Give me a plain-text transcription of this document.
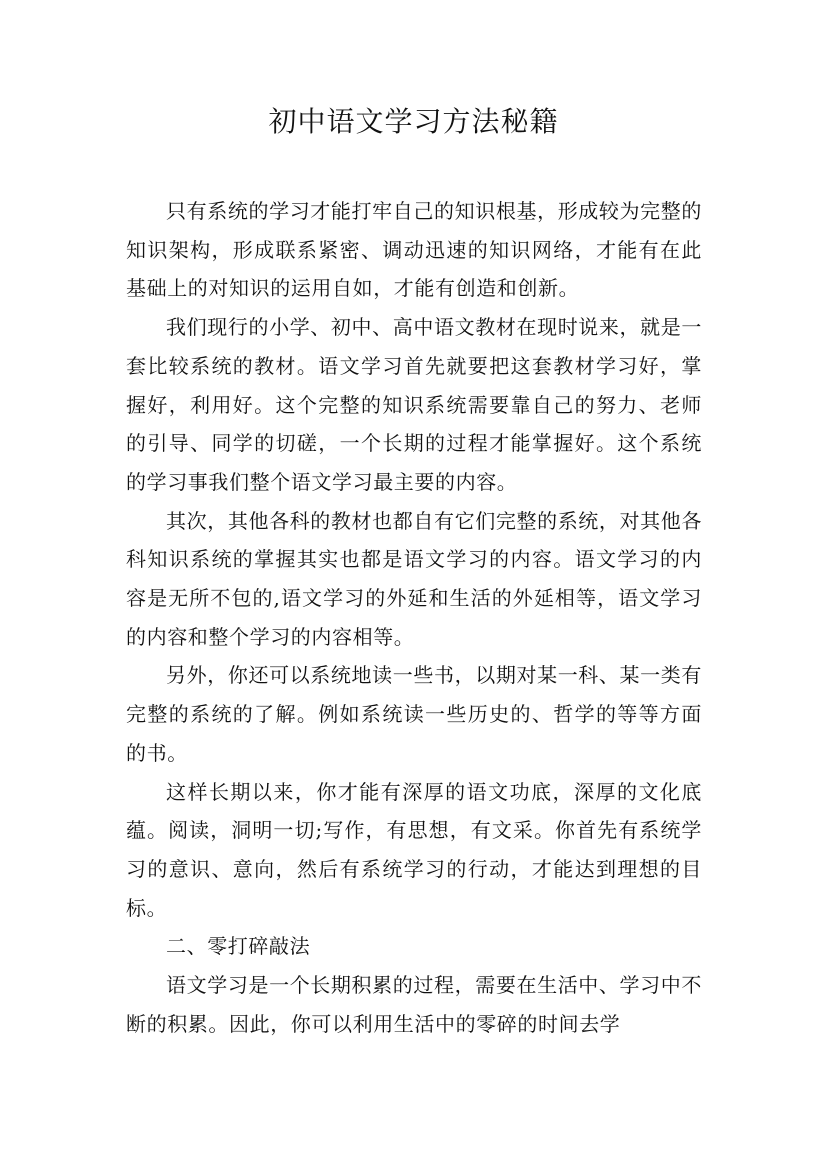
初中语文学习方法秘籍

只有系统的学习才能打牢自己的知识根基，形成较为完整的知识架构，形成联系紧密、调动迅速的知识网络，才能有在此基础上的对知识的运用自如，才能有创造和创新。

我们现行的小学、初中、高中语文教材在现时说来，就是一套比较系统的教材。语文学习首先就要把这套教材学习好，掌握好，利用好。这个完整的知识系统需要靠自己的努力、老师的引导、同学的切磋，一个长期的过程才能掌握好。这个系统的学习事我们整个语文学习最主要的内容。

其次，其他各科的教材也都自有它们完整的系统，对其他各科知识系统的掌握其实也都是语文学习的内容。语文学习的内容是无所不包的,语文学习的外延和生活的外延相等，语文学习的内容和整个学习的内容相等。

另外，你还可以系统地读一些书，以期对某一科、某一类有完整的系统的了解。例如系统读一些历史的、哲学的等等方面的书。

这样长期以来，你才能有深厚的语文功底，深厚的文化底蕴。阅读，洞明一切;写作，有思想，有文采。你首先有系统学习的意识、意向，然后有系统学习的行动，才能达到理想的目标。

二、零打碎敲法

语文学习是一个长期积累的过程，需要在生活中、学习中不断的积累。因此，你可以利用生活中的零碎的时间去学
